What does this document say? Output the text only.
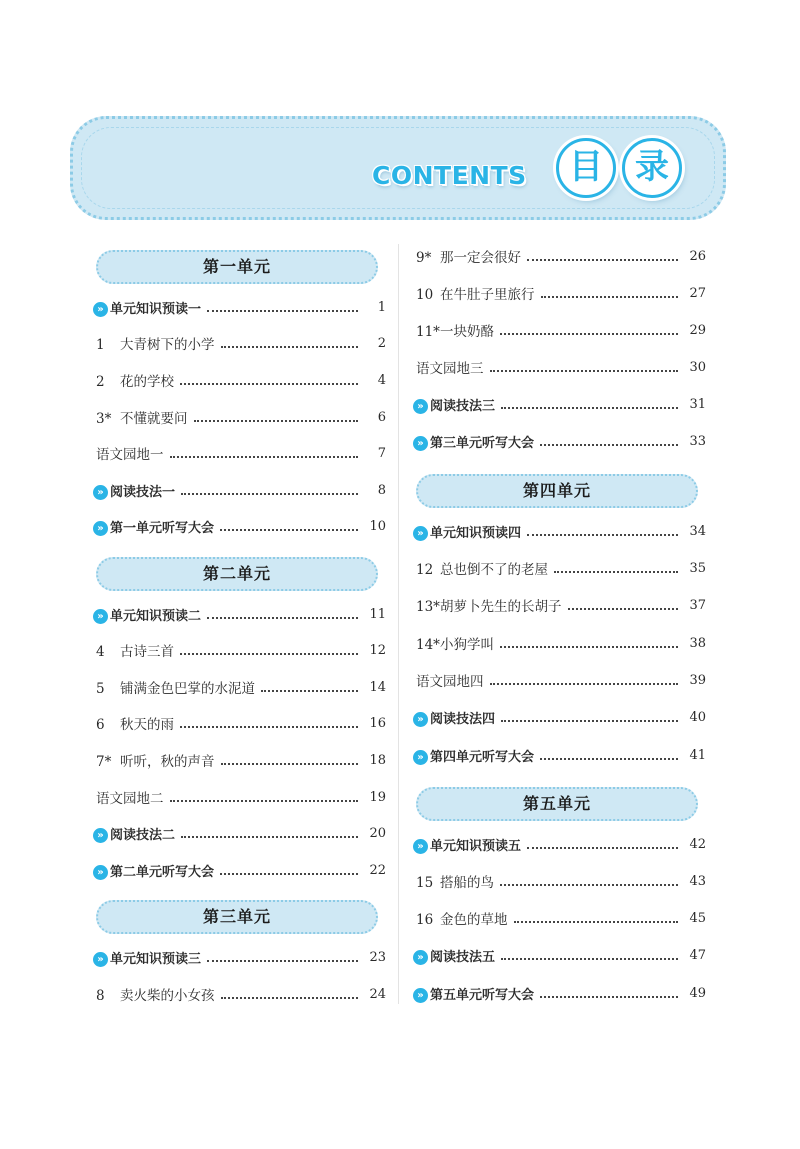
CONTENTS	目 录
第一单元
» 单元知识预读一	1
1 大青树下的小学	2
2 花的学校	4
3* 不懂就要问	6
语文园地一	7
» 阅读技法一	8
» 第一单元听写大会	10
第二单元
» 单元知识预读二	11
4 古诗三首	12
5 铺满金色巴掌的水泥道	14
6 秋天的雨	16
7* 听听，秋的声音	18
语文园地二	19
» 阅读技法二	20
» 第二单元听写大会	22
第三单元
» 单元知识预读三	23
8 卖火柴的小女孩	24
9* 那一定会很好	26
10 在牛肚子里旅行	27
11*一块奶酪	29
语文园地三	30
» 阅读技法三	31
» 第三单元听写大会	33
第四单元
» 单元知识预读四	34
12 总也倒不了的老屋	35
13*胡萝卜先生的长胡子	37
14*小狗学叫	38
语文园地四	39
» 阅读技法四	40
» 第四单元听写大会	41
第五单元
» 单元知识预读五	42
15 搭船的鸟	43
16 金色的草地	45
» 阅读技法五	47
» 第五单元听写大会	49
